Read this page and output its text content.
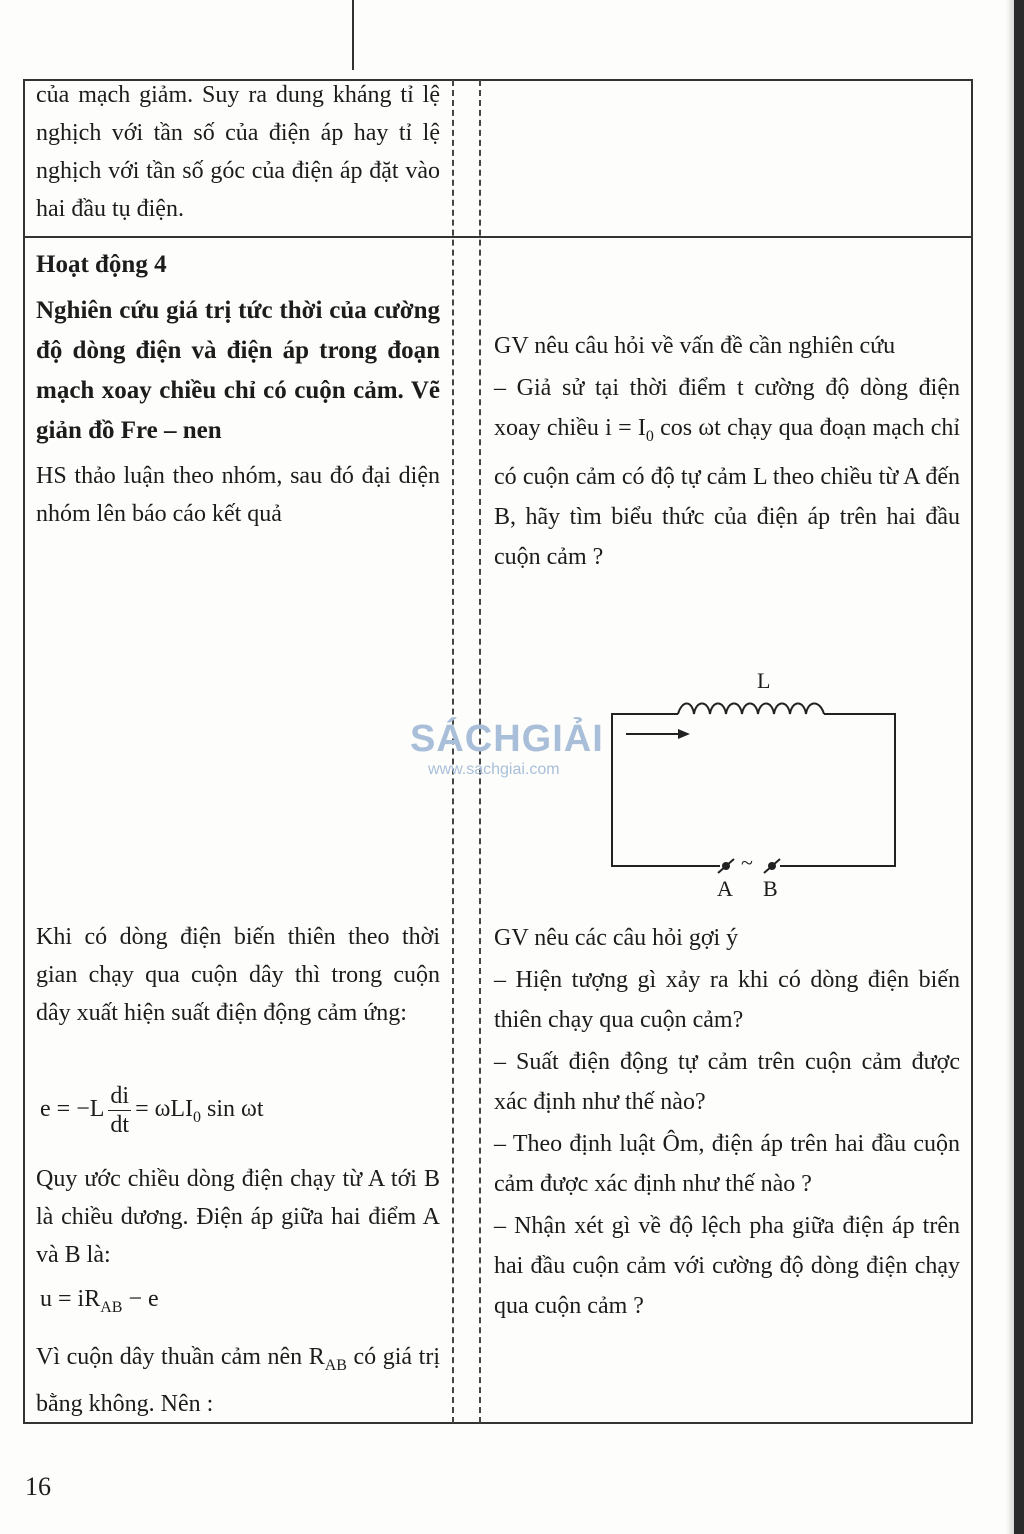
của mạch giảm. Suy ra dung kháng tỉ lệ nghịch với tần số của điện áp hay tỉ lệ nghịch với tần số góc của điện áp đặt vào hai đầu tụ điện.

Hoạt động 4

Nghiên cứu giá trị tức thời của cường độ dòng điện và điện áp trong đoạn mạch xoay chiều chỉ có cuộn cảm. Vẽ giản đồ Fre – nen

HS thảo luận theo nhóm, sau đó đại diện nhóm lên báo cáo kết quả

GV nêu câu hỏi về vấn đề cần nghiên cứu

– Giả sử tại thời điểm t cường độ dòng điện xoay chiều $i = I_0$ cos ωt chạy qua đoạn mạch chỉ có cuộn cảm có độ tự cảm L theo chiều từ A đến B, hãy tìm biểu thức của điện áp trên hai đầu cuộn cảm ?

L
~
A B
SÁCHGIẢI
www.sachgiai.com

Khi có dòng điện biến thiên theo thời gian chạy qua cuộn dây thì trong cuộn dây xuất hiện suất điện động cảm ứng:

$e = -L \frac{di}{dt} = \omega LI_0$ sin ωt

Quy ước chiều dòng điện chạy từ A tới B là chiều dương. Điện áp giữa hai điểm A và B là:

$u = iR_{AB} - e$

Vì cuộn dây thuần cảm nên $R_{AB}$ có giá trị bằng không. Nên :

GV nêu các câu hỏi gợi ý

– Hiện tượng gì xảy ra khi có dòng điện biến thiên chạy qua cuộn cảm?

– Suất điện động tự cảm trên cuộn cảm được xác định như thế nào?

– Theo định luật Ôm, điện áp trên hai đầu cuộn cảm được xác định như thế nào ?

– Nhận xét gì về độ lệch pha giữa điện áp trên hai đầu cuộn cảm với cường độ dòng điện chạy qua cuộn cảm ?

16
